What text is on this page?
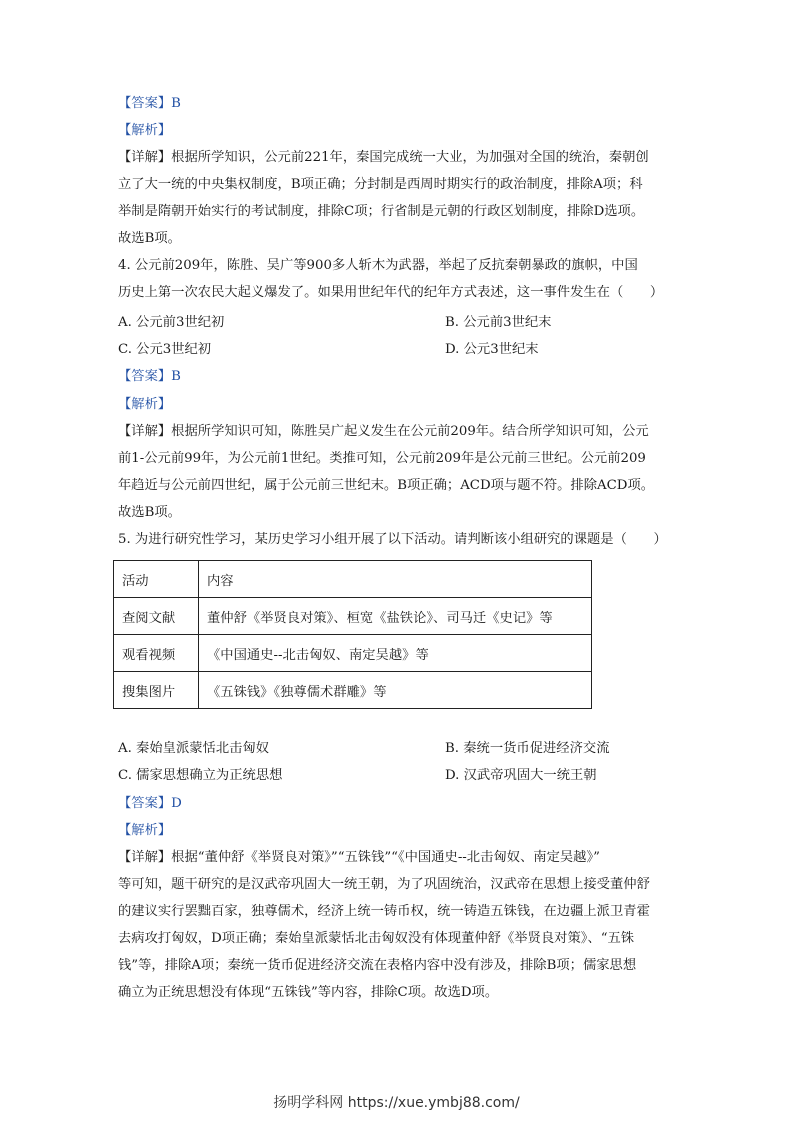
【答案】B
【解析】
【详解】根据所学知识，公元前221年，秦国完成统一大业，为加强对全国的统治，秦朝创
立了大一统的中央集权制度，B项正确；分封制是西周时期实行的政治制度，排除A项；科
举制是隋朝开始实行的考试制度，排除C项；行省制是元朝的行政区划制度，排除D选项。
故选B项。
4. 公元前209年，陈胜、吴广等900多人斩木为武器，举起了反抗秦朝暴政的旗帜，中国
历史上第一次农民大起义爆发了。如果用世纪年代的纪年方式表述，这一事件发生在（　　）
A. 公元前3世纪初	B. 公元前3世纪末
C. 公元3世纪初	D. 公元3世纪末
【答案】B
【解析】
【详解】根据所学知识可知，陈胜吴广起义发生在公元前209年。结合所学知识可知，公元
前1-公元前99年，为公元前1世纪。类推可知，公元前209年是公元前三世纪。公元前209
年趋近与公元前四世纪，属于公元前三世纪末。B项正确；ACD项与题不符。排除ACD项。
故选B项。
5. 为进行研究性学习，某历史学习小组开展了以下活动。请判断该小组研究的课题是（　　）
活动	内容
查阅文献	董仲舒《举贤良对策》、桓宽《盐铁论》、司马迁《史记》等
观看视频	《中国通史--北击匈奴、南定吴越》等
搜集图片	《五铢钱》《独尊儒术群雕》等
A. 秦始皇派蒙恬北击匈奴	B. 秦统一货币促进经济交流
C. 儒家思想确立为正统思想	D. 汉武帝巩固大一统王朝
【答案】D
【解析】
【详解】根据“董仲舒《举贤良对策》”“五铢钱”“《中国通史--北击匈奴、南定吴越》”
等可知，题干研究的是汉武帝巩固大一统王朝，为了巩固统治，汉武帝在思想上接受董仲舒
的建议实行罢黜百家，独尊儒术，经济上统一铸币权，统一铸造五铢钱，在边疆上派卫青霍
去病攻打匈奴，D项正确；秦始皇派蒙恬北击匈奴没有体现董仲舒《举贤良对策》、“五铢
钱”等，排除A项；秦统一货币促进经济交流在表格内容中没有涉及，排除B项；儒家思想
确立为正统思想没有体现“五铢钱”等内容，排除C项。故选D项。
扬明学科网 https://xue.ymbj88.com/
